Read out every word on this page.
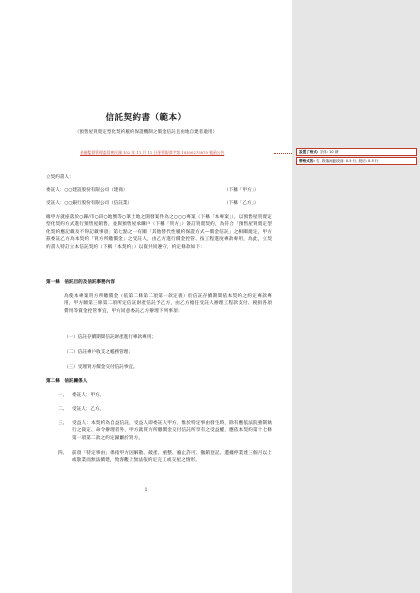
信託契約書（範本）
（預售屋買賣定型化契約履約保證機制之價金信託且由地自建者適用）
金融監督管理委員會民國 102 年 11 月 11 日金管銀票字第 10200275870 號函公告
立契約書人：
委託人：○○建設股份有限公司（建商）	（下稱「甲方」）
受託人：○○銀行股份有限公司（信託業）	（下稱「乙方」）
緣甲方就座落於○縣/市○段○地號等○筆土地之開發案件為之○○○專案（下稱「本專案」），以預售屋買賣定型化契約方式進行預售屋銷售，並與預售屋承購戶（下稱「買方」）簽訂買賣契約，為符合「預售屋買賣定型化契約應記載及不得記載事項」第七點之一有關「其他替代性履約保證方式—價金信託」之相關規定，甲方茲委託乙方為本契約「買方所繳價金」之受託人，由乙方進行價金控管、按工程進度專款專用，為此，立契約書人特訂立本信託契約（下稱「本契約」）以資共同遵守，約定條款如下：
第一條　信託目的及信託事務內容
為使本專案買方所繳價金（依第二條第二項第一款定義）於信託存續期間依本契約之約定專款專用，甲方願第三條第二項所定信託財產信託予乙方，由乙方擔任受託人辦理工程款支付、稅捐各項費用等資金控管事宜，甲方同意委託乙方辦理下列事項：
（一）信託存續期間信託財產進行專款專用；
（二）信託專戶收支之帳務管理；
（三）受理買方價金交付信託事宜。
第二條　信託關係人
一、 委託人：甲方。
二、 受託人：乙方。
三、 受益人：本契約為自益信託，受益人即委託人甲方，惟於特定事由發生時，除有應依法院強制執行之裁定、命令辦理者外，甲方就買方所繳價金交付信託所享有之受益權，應依本契約第十七條第一項第二款之約定歸屬於買方。
四、 前項「特定事由」係指甲方因解散、破產、重整、廢止許可、撤銷登記、遭據停業達三個月以上或歇業而無法續建，致客觀上無法依約定完工或交屋之情形。
1
設置了格式: 字体: 10 磅
帶格式的: 右, 段落间距段前: 0.5 行, 段后: 0.5 行
